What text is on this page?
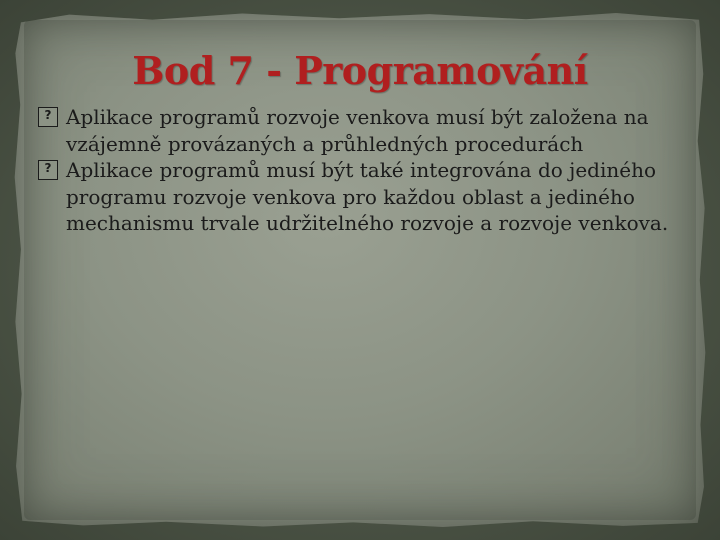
Bod 7 - Programování
? Aplikace programů rozvoje venkova musí být založena na vzájemně provázaných a průhledných procedurách
? Aplikace programů musí být také integrována do jediného programu rozvoje venkova pro každou oblast a jediného mechanismu trvale udržitelného rozvoje a rozvoje venkova.
